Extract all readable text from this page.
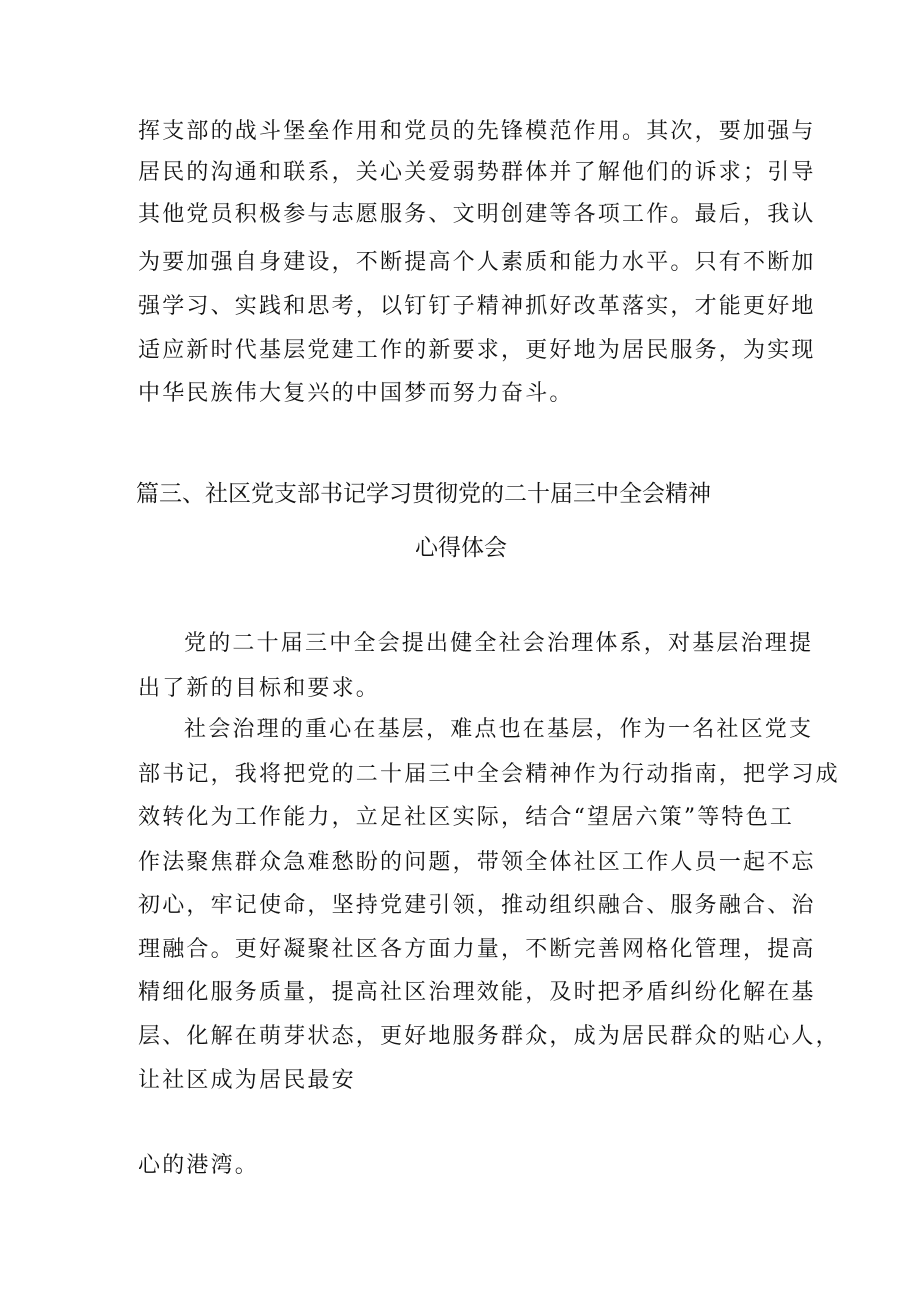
挥支部的战斗堡垒作用和党员的先锋模范作用。其次，要加强与
居民的沟通和联系，关心关爱弱势群体并了解他们的诉求；引导
其他党员积极参与志愿服务、文明创建等各项工作。最后，我认
为要加强自身建设，不断提高个人素质和能力水平。只有不断加
强学习、实践和思考，以钉钉子精神抓好改革落实，才能更好地
适应新时代基层党建工作的新要求，更好地为居民服务，为实现
中华民族伟大复兴的中国梦而努力奋斗。
篇三、社区党支部书记学习贯彻党的二十届三中全会精神
心得体会
党的二十届三中全会提出健全社会治理体系，对基层治理提
出了新的目标和要求。
社会治理的重心在基层，难点也在基层，作为一名社区党支
部书记，我将把党的二十届三中全会精神作为行动指南，把学习成
效转化为工作能力，立足社区实际，结合“望居六策”等特色工
作法聚焦群众急难愁盼的问题，带领全体社区工作人员一起不忘
初心，牢记使命，坚持党建引领，推动组织融合、服务融合、治
理融合。更好凝聚社区各方面力量，不断完善网格化管理，提高
精细化服务质量，提高社区治理效能，及时把矛盾纠纷化解在基
层、化解在萌芽状态，更好地服务群众，成为居民群众的贴心人，
让社区成为居民最安
心的港湾。
